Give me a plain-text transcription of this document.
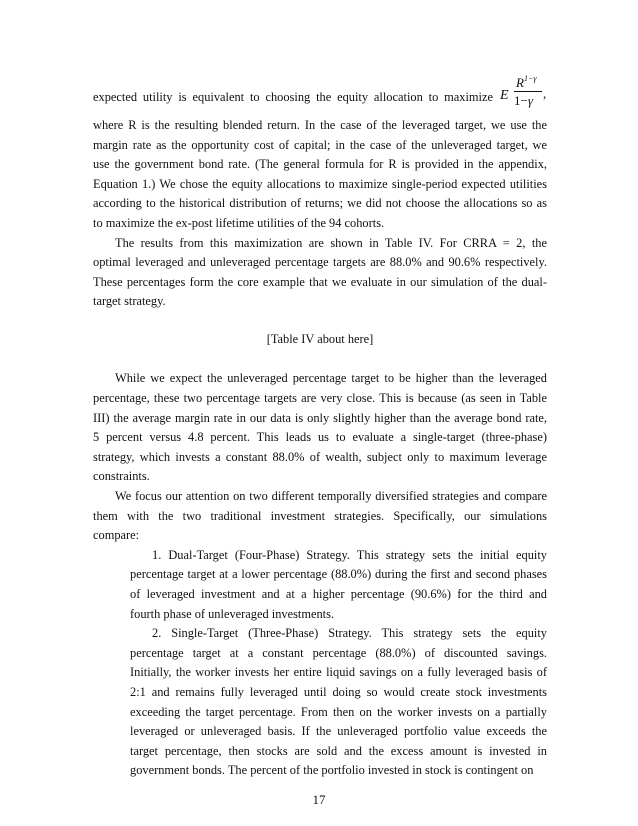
expected utility is equivalent to choosing the equity allocation to maximize E
$R^{1-\gamma}$
1−γ ,
where R is the resulting blended return. In the case of the leveraged target, we use the
margin rate as the opportunity cost of capital; in the case of the unleveraged target, we
use the government bond rate. (The general formula for R is provided in the appendix,
Equation 1.) We chose the equity allocations to maximize single-period expected utilities
according to the historical distribution of returns; we did not choose the allocations so as
to maximize the ex-post lifetime utilities of the 94 cohorts.
The results from this maximization are shown in Table IV. For CRRA = 2, the
optimal leveraged and unleveraged percentage targets are 88.0% and 90.6% respectively.
These percentages form the core example that we evaluate in our simulation of the dual-
target strategy.
[Table IV about here]
While we expect the unleveraged percentage target to be higher than the leveraged
percentage, these two percentage targets are very close. This is because (as seen in Table
III) the average margin rate in our data is only slightly higher than the average bond rate,
5 percent versus 4.8 percent. This leads us to evaluate a single-target (three-phase)
strategy, which invests a constant 88.0% of wealth, subject only to maximum leverage
constraints.
We focus our attention on two different temporally diversified strategies and compare
them with the two traditional investment strategies. Specifically, our simulations
compare:
1. Dual-Target (Four-Phase) Strategy. This strategy sets the initial equity
percentage target at a lower percentage (88.0%) during the first and second phases
of leveraged investment and at a higher percentage (90.6%) for the third and
fourth phase of unleveraged investments.
2. Single-Target (Three-Phase) Strategy. This strategy sets the equity
percentage target at a constant percentage (88.0%) of discounted savings.
Initially, the worker invests her entire liquid savings on a fully leveraged basis of
2:1 and remains fully leveraged until doing so would create stock investments
exceeding the target percentage. From then on the worker invests on a partially
leveraged or unleveraged basis. If the unleveraged portfolio value exceeds the
target percentage, then stocks are sold and the excess amount is invested in
government bonds. The percent of the portfolio invested in stock is contingent on
17
